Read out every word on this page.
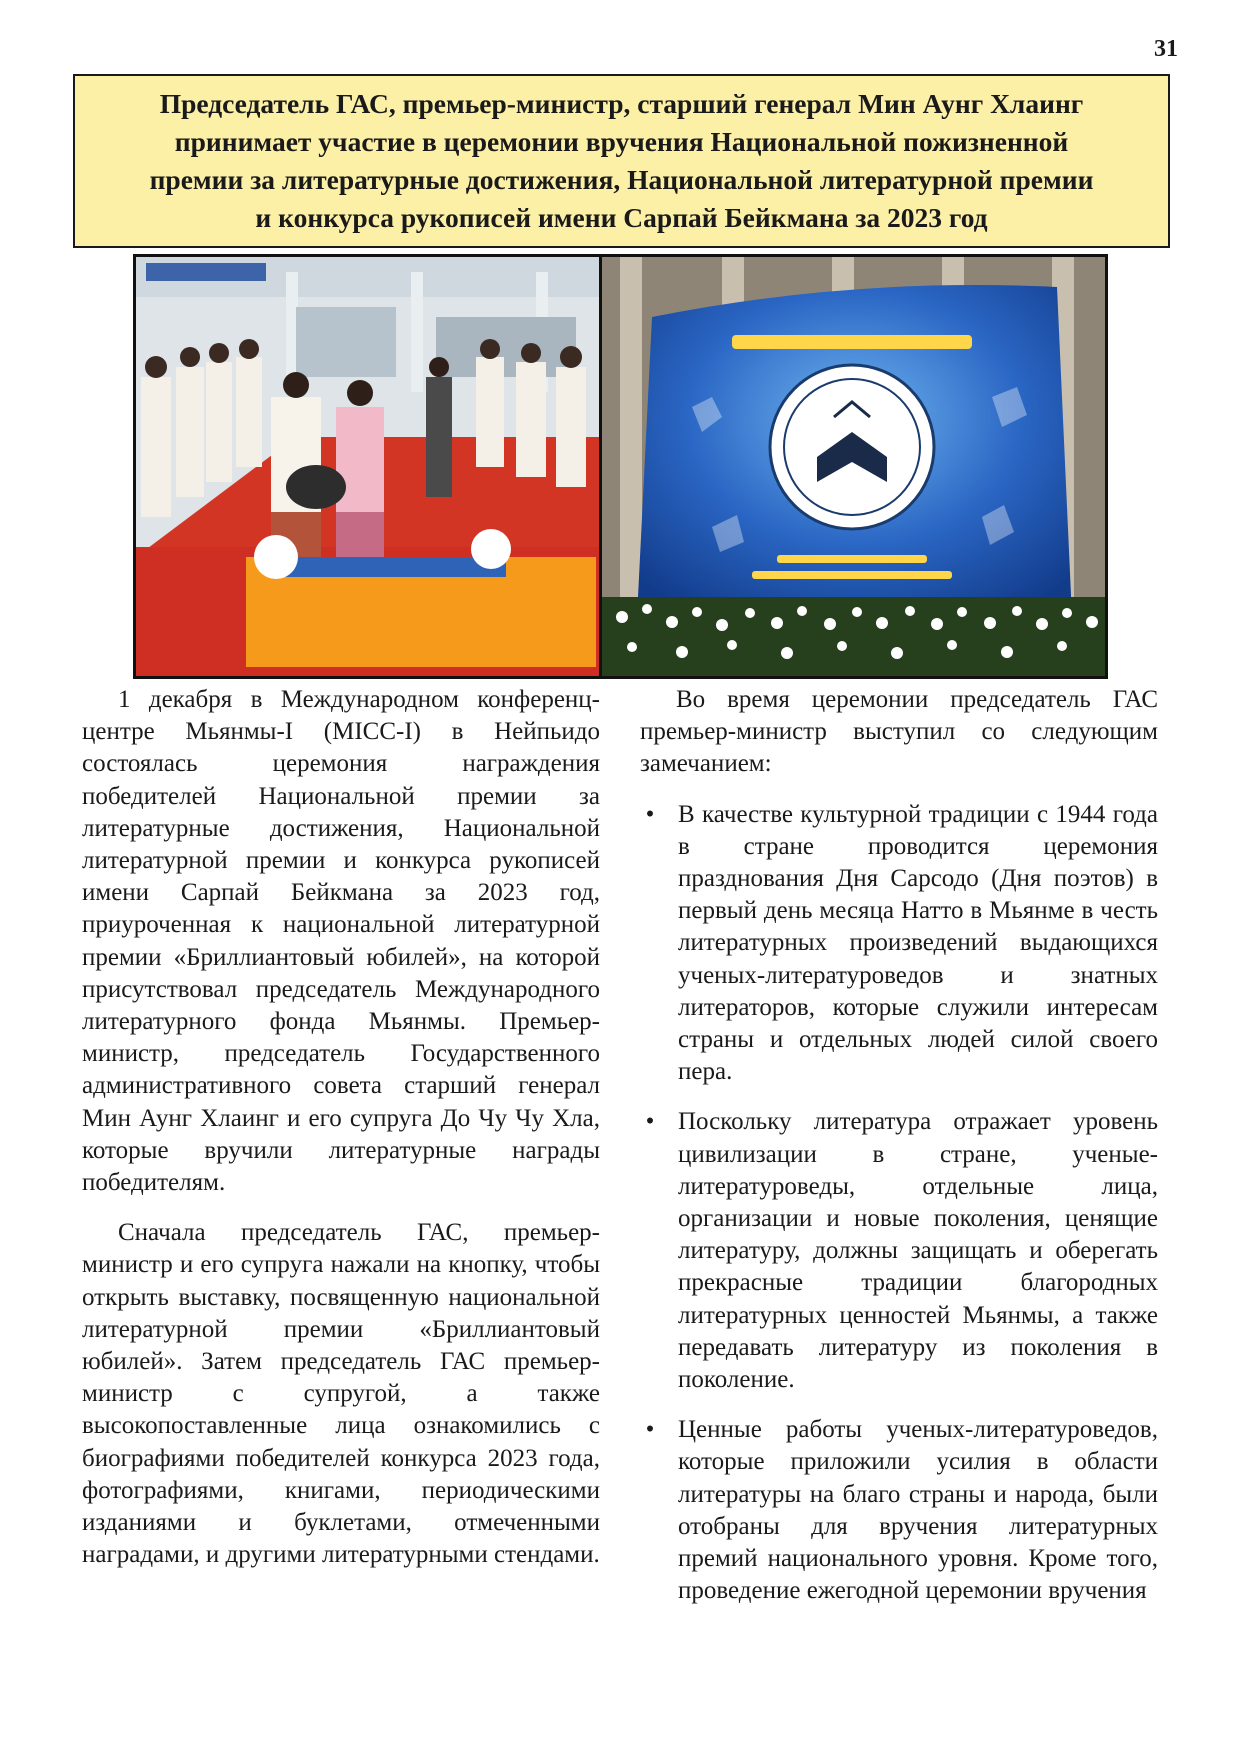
31
Председатель ГАС, премьер-министр, старший генерал Мин Аунг Хлаинг
принимает участие в церемонии вручения Национальной пожизненной
премии за литературные достижения, Национальной литературной премии
и конкурса рукописей имени Сарпай Бейкмана за 2023 год

1 декабря в Международном конференц-центре Мьянмы-I (MICC-I) в Нейпьидо состоялась церемония награждения победителей Национальной премии за литературные достижения, Национальной литературной премии и конкурса рукописей имени Сарпай Бейкмана за 2023 год, приуроченная к национальной литературной премии «Бриллиантовый юбилей», на которой присутствовал председатель Международного литературного фонда Мьянмы. Премьер-министр, председатель Государственного административного совета старший генерал Мин Аунг Хлаинг и его супруга До Чу Чу Хла, которые вручили литературные награды победителям.

Сначала председатель ГАС, премьер-министр и его супруга нажали на кнопку, чтобы открыть выставку, посвященную национальной литературной премии «Бриллиантовый юбилей». Затем председатель ГАС премьер-министр с супругой, а также высокопоставленные лица ознакомились с биографиями победителей конкурса 2023 года, фотографиями, книгами, периодическими изданиями и буклетами, отмеченными наградами, и другими литературными стендами.

Во время церемонии председатель ГАС премьер-министр выступил со следующим замечанием:

• В качестве культурной традиции с 1944 года в стране проводится церемония празднования Дня Сарсодо (Дня поэтов) в первый день месяца Натто в Мьянме в честь литературных произведений выдающихся ученых-литературоведов и знатных литераторов, которые служили интересам страны и отдельных людей силой своего пера.
• Поскольку литература отражает уровень цивилизации в стране, ученые-литературоведы, отдельные лица, организации и новые поколения, ценящие литературу, должны защищать и оберегать прекрасные традиции благородных литературных ценностей Мьянмы, а также передавать литературу из поколения в поколение.
• Ценные работы ученых-литературоведов, которые приложили усилия в области литературы на благо страны и народа, были отобраны для вручения литературных премий национального уровня. Кроме того, проведение ежегодной церемонии вручения
